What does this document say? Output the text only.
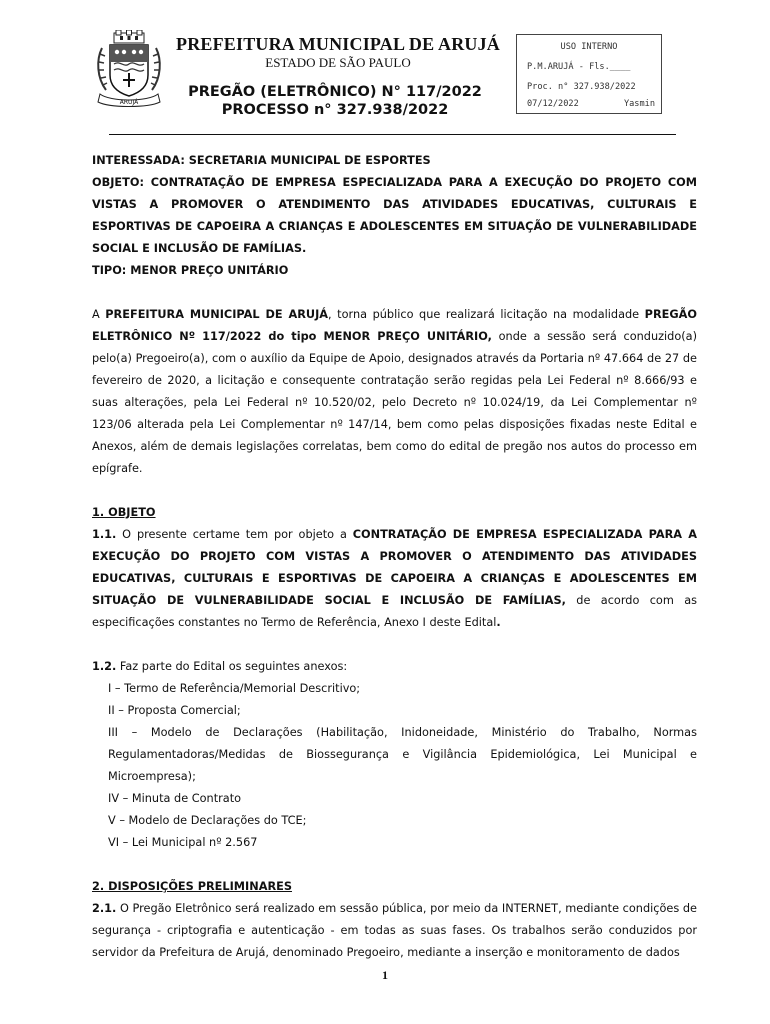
ARUJÁ
PREFEITURA MUNICIPAL DE ARUJÁ
ESTADO DE SÃO PAULO
PREGÃO (ELETRÔNICO) N° 117/2022
PROCESSO n° 327.938/2022
USO INTERNO
P.M.ARUJÁ - Fls.____
Proc. n° 327.938/2022
07/12/2022	Yasmin
INTERESSADA: SECRETARIA MUNICIPAL DE ESPORTES
OBJETO: CONTRATAÇÃO DE EMPRESA ESPECIALIZADA PARA A EXECUÇÃO DO PROJETO COM VISTAS A PROMOVER O ATENDIMENTO DAS ATIVIDADES EDUCATIVAS, CULTURAIS E ESPORTIVAS DE CAPOEIRA A CRIANÇAS E ADOLESCENTES EM SITUAÇÃO DE VULNERABILIDADE SOCIAL E INCLUSÃO DE FAMÍLIAS.
TIPO: MENOR PREÇO UNITÁRIO
A PREFEITURA MUNICIPAL DE ARUJÁ, torna público que realizará licitação na modalidade PREGÃO ELETRÔNICO Nº 117/2022 do tipo MENOR PREÇO UNITÁRIO, onde a sessão será conduzido(a) pelo(a) Pregoeiro(a), com o auxílio da Equipe de Apoio, designados através da Portaria nº 47.664 de 27 de fevereiro de 2020, a licitação e consequente contratação serão regidas pela Lei Federal nº 8.666/93 e suas alterações, pela Lei Federal nº 10.520/02, pelo Decreto nº 10.024/19, da Lei Complementar nº 123/06 alterada pela Lei Complementar nº 147/14, bem como pelas disposições fixadas neste Edital e Anexos, além de demais legislações correlatas, bem como do edital de pregão nos autos do processo em epígrafe.
1. OBJETO
1.1. O presente certame tem por objeto a CONTRATAÇÃO DE EMPRESA ESPECIALIZADA PARA A EXECUÇÃO DO PROJETO COM VISTAS A PROMOVER O ATENDIMENTO DAS ATIVIDADES EDUCATIVAS, CULTURAIS E ESPORTIVAS DE CAPOEIRA A CRIANÇAS E ADOLESCENTES EM SITUAÇÃO DE VULNERABILIDADE SOCIAL E INCLUSÃO DE FAMÍLIAS, de acordo com as especificações constantes no Termo de Referência, Anexo I deste Edital.
1.2. Faz parte do Edital os seguintes anexos:
I – Termo de Referência/Memorial Descritivo;
II – Proposta Comercial;
III – Modelo de Declarações (Habilitação, Inidoneidade, Ministério do Trabalho, Normas Regulamentadoras/Medidas de Biossegurança e Vigilância Epidemiológica, Lei Municipal e Microempresa);
IV – Minuta de Contrato
V – Modelo de Declarações do TCE;
VI – Lei Municipal nº 2.567
2. DISPOSIÇÕES PRELIMINARES
2.1. O Pregão Eletrônico será realizado em sessão pública, por meio da INTERNET, mediante condições de segurança - criptografia e autenticação - em todas as suas fases. Os trabalhos serão conduzidos por servidor da Prefeitura de Arujá, denominado Pregoeiro, mediante a inserção e monitoramento de dados
1
